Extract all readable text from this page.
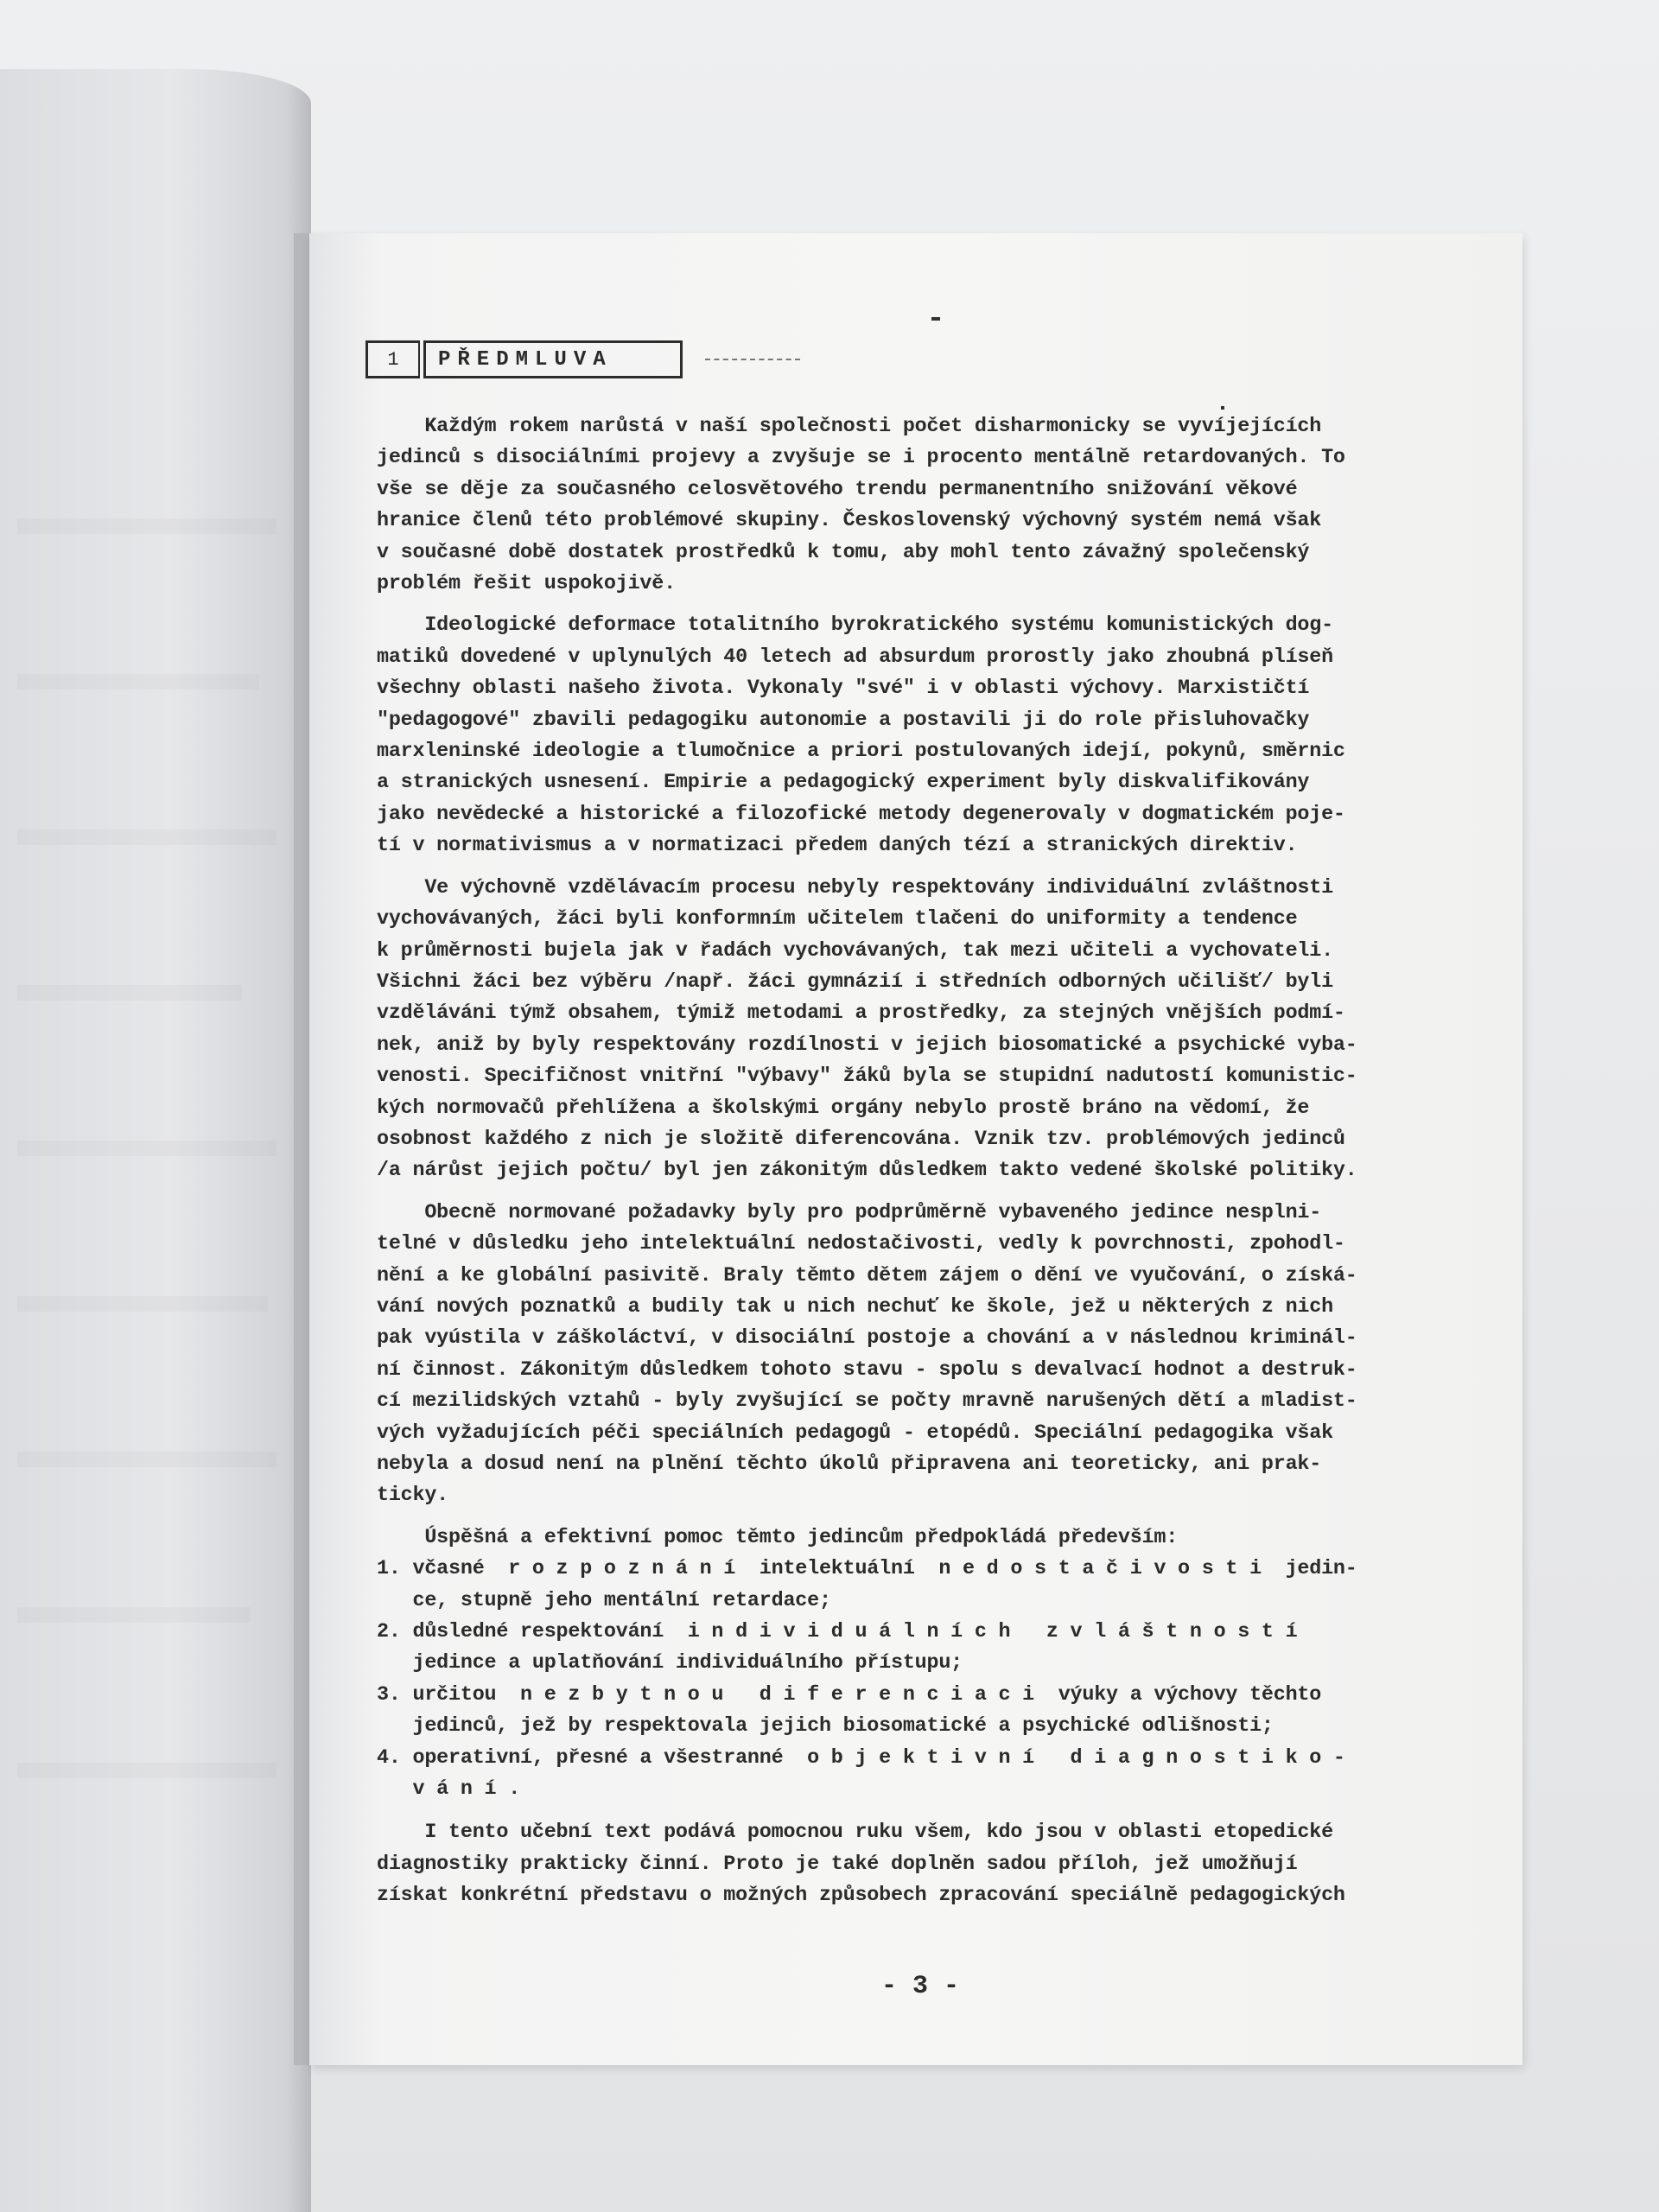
1	PŘEDMLUVA
Každým rokem narůstá v naší společnosti počet disharmonicky se vyvíjejících
jedinců s disociálními projevy a zvyšuje se i procento mentálně retardovaných. To
vše se děje za současného celosvětového trendu permanentního snižování věkové
hranice členů této problémové skupiny. Československý výchovný systém nemá však
v současné době dostatek prostředků k tomu, aby mohl tento závažný společenský
problém řešit uspokojivě.
Ideologické deformace totalitního byrokratického systému komunistických dog-
matiků dovedené v uplynulých 40 letech ad absurdum prorostly jako zhoubná plíseň
všechny oblasti našeho života. Vykonaly "své" i v oblasti výchovy. Marxističtí
"pedagogové" zbavili pedagogiku autonomie a postavili ji do role přisluhovačky
marxleninské ideologie a tlumočnice a priori postulovaných idejí, pokynů, směrnic
a stranických usnesení. Empirie a pedagogický experiment byly diskvalifikovány
jako nevědecké a historické a filozofické metody degenerovaly v dogmatickém poje-
tí v normativismus a v normatizaci předem daných tézí a stranických direktiv.
Ve výchovně vzdělávacím procesu nebyly respektovány individuální zvláštnosti
vychovávaných, žáci byli konformním učitelem tlačeni do uniformity a tendence
k průměrnosti bujela jak v řadách vychovávaných, tak mezi učiteli a vychovateli.
Všichni žáci bez výběru /např. žáci gymnázií i středních odborných učilišť/ byli
vzděláváni týmž obsahem, týmiž metodami a prostředky, za stejných vnějších podmí-
nek, aniž by byly respektovány rozdílnosti v jejich biosomatické a psychické vyba-
venosti. Specifičnost vnitřní "výbavy" žáků byla se stupidní nadutostí komunistic-
kých normovačů přehlížena a školskými orgány nebylo prostě bráno na vědomí, že
osobnost každého z nich je složitě diferencována. Vznik tzv. problémových jedinců
/a nárůst jejich počtu/ byl jen zákonitým důsledkem takto vedené školské politiky.
Obecně normované požadavky byly pro podprůměrně vybaveného jedince nesplni-
telné v důsledku jeho intelektuální nedostačivosti, vedly k povrchnosti, zpohodl-
nění a ke globální pasivitě. Braly těmto dětem zájem o dění ve vyučování, o získá-
vání nových poznatků a budily tak u nich nechuť ke škole, jež u některých z nich
pak vyústila v záškoláctví, v disociální postoje a chování a v následnou kriminál-
ní činnost. Zákonitým důsledkem tohoto stavu - spolu s devalvací hodnot a destruk-
cí mezilidských vztahů - byly zvyšující se počty mravně narušených dětí a mladist-
vých vyžadujících péči speciálních pedagogů - etopédů. Speciální pedagogika však
nebyla a dosud není na plnění těchto úkolů připravena ani teoreticky, ani prak-
ticky.
Úspěšná a efektivní pomoc těmto jedincům předpokládá především:
1. včasné  r o z p o z n á n í  intelektuální  n e d o s t a č i v o s t i  jedin-
ce, stupně jeho mentální retardace;
2. důsledné respektování  i n d i v i d u á l n í c h   z v l á š t n o s t í
jedince a uplatňování individuálního přístupu;
3. určitou  n e z b y t n o u   d i f e r e n c i a c i  výuky a výchovy těchto
jedinců, jež by respektovala jejich biosomatické a psychické odlišnosti;
4. operativní, přesné a všestranné  o b j e k t i v n í   d i a g n o s t i k o -
v á n í .
I tento učební text podává pomocnou ruku všem, kdo jsou v oblasti etopedické
diagnostiky prakticky činní. Proto je také doplněn sadou příloh, jež umožňují
získat konkrétní představu o možných způsobech zpracování speciálně pedagogických
- 3 -
